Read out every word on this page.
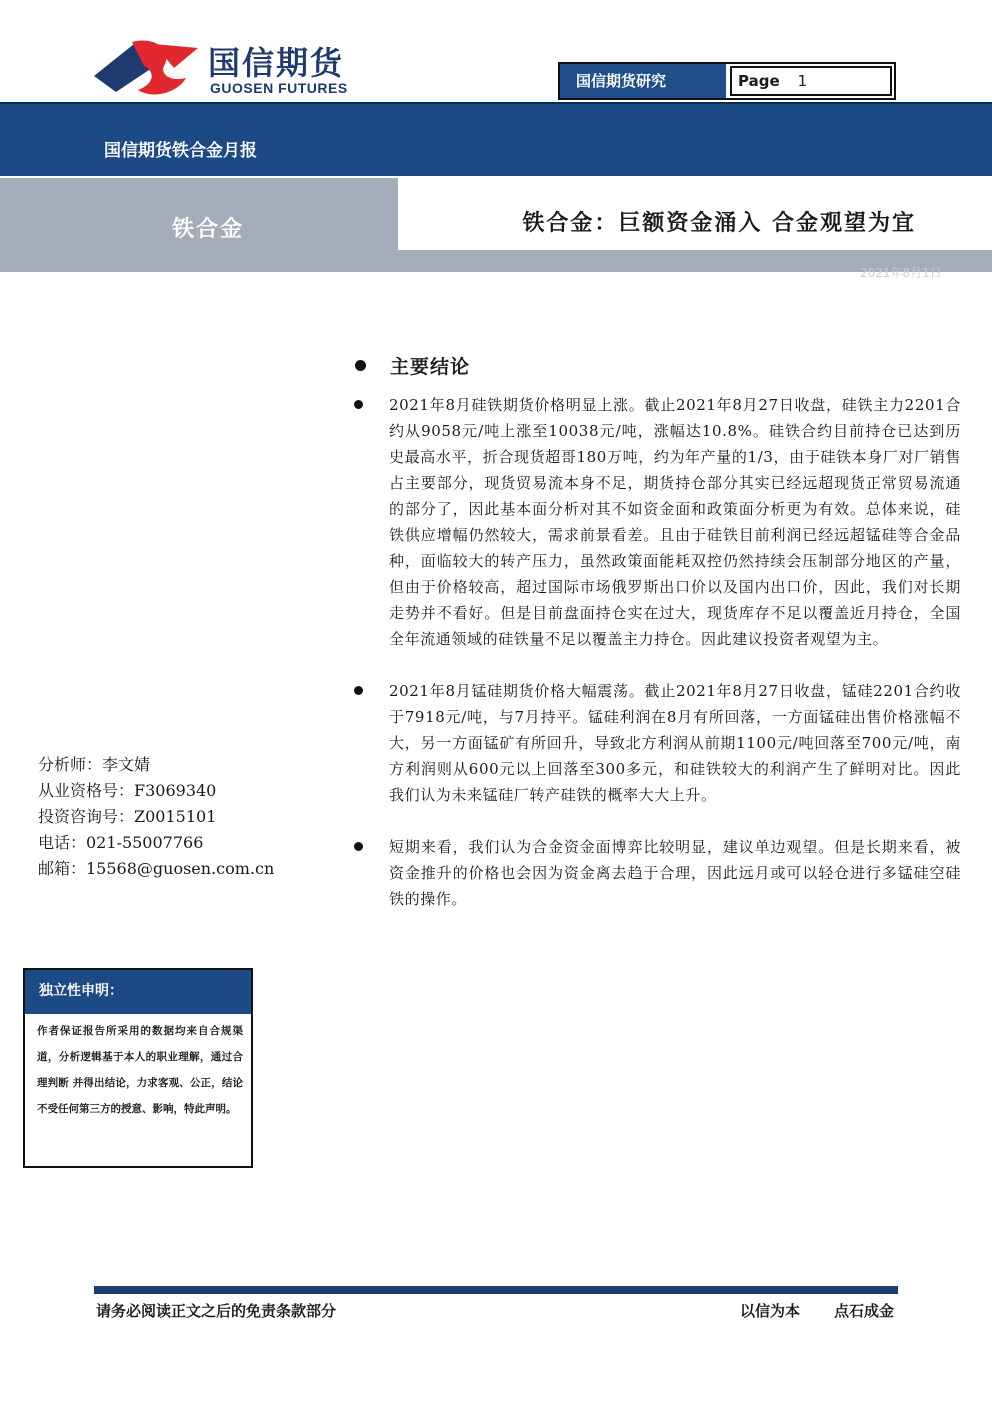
国信期货
GUOSEN FUTURES	国信期货研究	Page 1
国信期货铁合金月报
铁合金	铁合金：巨额资金涌入 合金观望为宜
2021年8月1日
主要结论

2021年8月硅铁期货价格明显上涨。截止2021年8月27日收盘，硅铁主力2201合约从9058元/吨上涨至10038元/吨，涨幅达10.8%。硅铁合约目前持仓已达到历史最高水平，折合现货超哥180万吨，约为年产量的1/3，由于硅铁本身厂对厂销售占主要部分，现货贸易流本身不足，期货持仓部分其实已经远超现货正常贸易流通的部分了，因此基本面分析对其不如资金面和政策面分析更为有效。总体来说，硅铁供应增幅仍然较大，需求前景看差。且由于硅铁目前利润已经远超锰硅等合金品种，面临较大的转产压力，虽然政策面能耗双控仍然持续会压制部分地区的产量，但由于价格较高，超过国际市场俄罗斯出口价以及国内出口价，因此，我们对长期走势并不看好。但是目前盘面持仓实在过大，现货库存不足以覆盖近月持仓，全国全年流通领域的硅铁量不足以覆盖主力持仓。因此建议投资者观望为主。

2021年8月锰硅期货价格大幅震荡。截止2021年8月27日收盘，锰硅2201合约收于7918元/吨，与7月持平。锰硅利润在8月有所回落，一方面锰硅出售价格涨幅不大，另一方面锰矿有所回升，导致北方利润从前期1100元/吨回落至700元/吨，南方利润则从600元以上回落至300多元，和硅铁较大的利润产生了鲜明对比。因此我们认为未来锰硅厂转产硅铁的概率大大上升。

短期来看，我们认为合金资金面博弈比较明显，建议单边观望。但是长期来看，被资金推升的价格也会因为资金离去趋于合理，因此远月或可以轻仓进行多锰硅空硅铁的操作。

分析师：李文婧
从业资格号：F3069340
投资咨询号：Z0015101
电话：021-55007766
邮箱：15568@guosen.com.cn
独立性申明：

作者保证报告所采用的数据均来自合规渠道，分析逻辑基于本人的职业理解，通过合理判断 并得出结论，力求客观、公正，结论不受任何第三方的授意、影响，特此声明。

请务必阅读正文之后的免责条款部分	以信为本 点石成金
